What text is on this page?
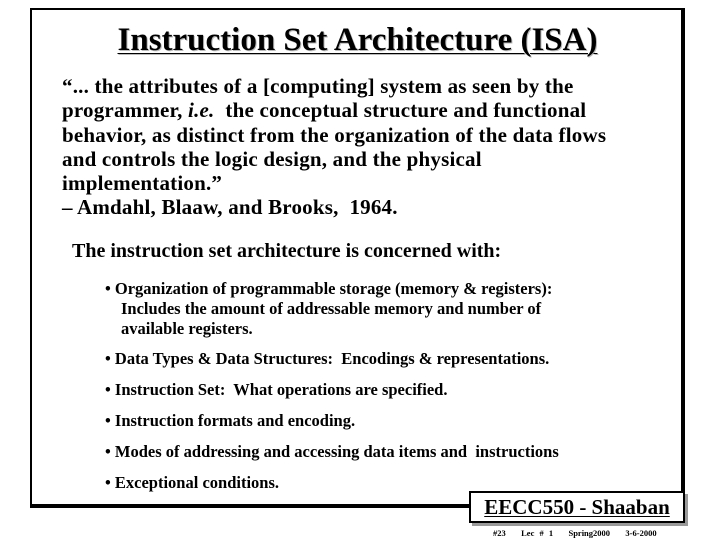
Instruction Set Architecture (ISA)
“... the attributes of a [computing] system as seen by the
programmer, i.e.  the conceptual structure and functional
behavior, as distinct from the organization of the data flows
and controls the logic design, and the physical
implementation.”
– Amdahl, Blaaw, and Brooks,  1964.

The instruction set architecture is concerned with:

• Organization of programmable storage (memory & registers):
Includes the amount of addressable memory and number of
available registers.
• Data Types & Data Structures:  Encodings & representations.
• Instruction Set:  What operations are specified.
• Instruction formats and encoding.
• Modes of addressing and accessing data items and  instructions
• Exceptional conditions.
EECC550 - Shaaban
#23   Lec # 1   Spring2000   3-6-2000
